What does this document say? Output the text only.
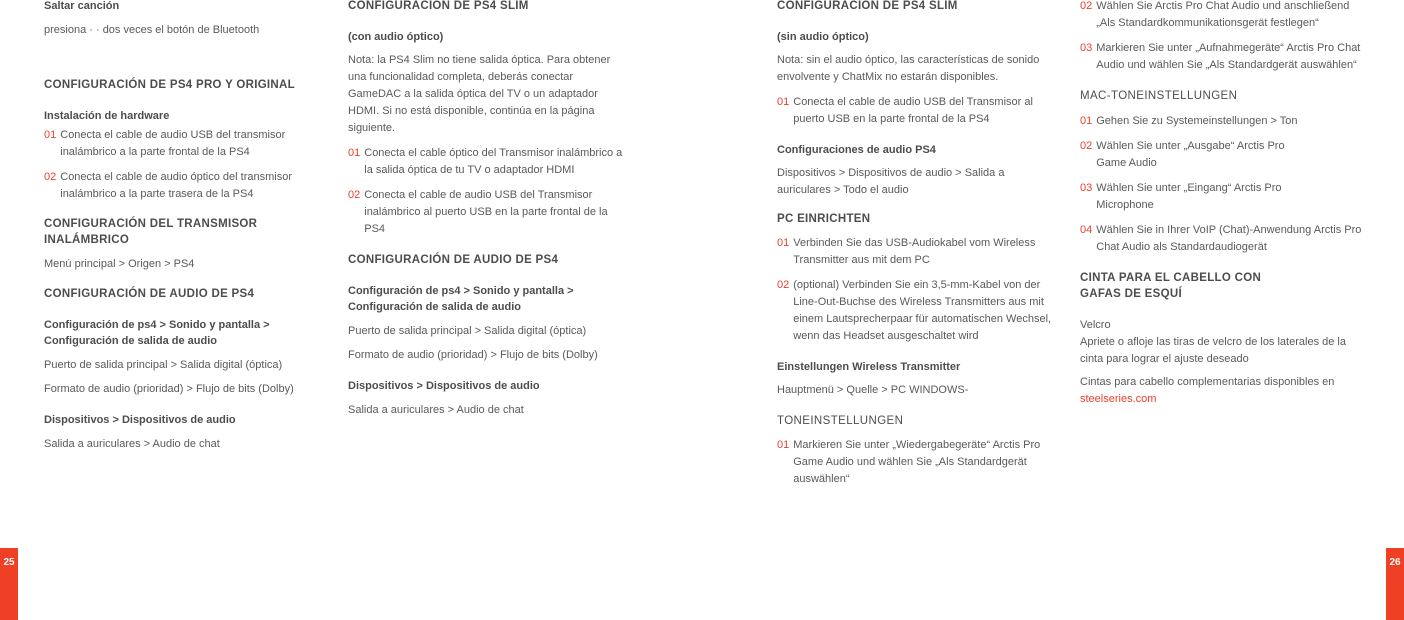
Saltar canción

presiona · · dos veces el botón de Bluetooth

CONFIGURACIÓN DE PS4 PRO Y ORIGINAL
Instalación de hardware
01 Conecta el cable de audio USB del transmisor inalámbrico a la parte frontal de la PS4
02 Conecta el cable de audio óptico del transmisor inalámbrico a la parte trasera de la PS4
CONFIGURACIÓN DEL TRANSMISOR INALÁMBRICO

Menú principal > Origen > PS4

CONFIGURACIÓN DE AUDIO DE PS4
Configuración de ps4 > Sonido y pantalla > Configuración de salida de audio

Puerto de salida principal > Salida digital (óptica)

Formato de audio (prioridad) > Flujo de bits (Dolby)

Dispositivos > Dispositivos de audio

Salida a auriculares > Audio de chat

CONFIGURACIÓN DE PS4 SLIM
(con audio óptico)

Nota: la PS4 Slim no tiene salida óptica. Para obtener una funcionalidad completa, deberás conectar GameDAC a la salida óptica del TV o un adaptador HDMI. Si no está disponible, continúa en la página siguiente.

01 Conecta el cable óptico del Transmisor inalámbrico a la salida óptica de tu TV o adaptador HDMI
02 Conecta el cable de audio USB del Transmisor inalámbrico al puerto USB en la parte frontal de la PS4
CONFIGURACIÓN DE AUDIO DE PS4
Configuración de ps4 > Sonido y pantalla > Configuración de salida de audio

Puerto de salida principal > Salida digital (óptica)

Formato de audio (prioridad) > Flujo de bits (Dolby)

Dispositivos > Dispositivos de audio

Salida a auriculares > Audio de chat

CONFIGURACIÓN DE PS4 SLIM
(sin audio óptico)

Nota: sin el audio óptico, las características de sonido envolvente y ChatMix no estarán disponibles.

01 Conecta el cable de audio USB del Transmisor al puerto USB en la parte frontal de la PS4
Configuraciones de audio PS4

Dispositivos > Dispositivos de audio > Salida a auriculares > Todo el audio

PC EINRICHTEN
01 Verbinden Sie das USB-Audiokabel vom Wireless Transmitter aus mit dem PC
02 (optional) Verbinden Sie ein 3,5-mm-Kabel von der Line-Out-Buchse des Wireless Transmitters aus mit einem Lautsprecherpaar für automatischen Wechsel, wenn das Headset ausgeschaltet wird
Einstellungen Wireless Transmitter

Hauptmenü > Quelle > PC WINDOWS-

TONEINSTELLUNGEN
01 Markieren Sie unter „Wiedergabegeräte“ Arctis Pro Game Audio und wählen Sie „Als Standardgerät auswählen“
02 Wählen Sie Arctis Pro Chat Audio und anschließend „Als Standardkommunikationsgerät festlegen“
03 Markieren Sie unter „Aufnahmegeräte“ Arctis Pro Chat Audio und wählen Sie „Als Standardgerät auswählen“
MAC-TONEINSTELLUNGEN
01 Gehen Sie zu Systemeinstellungen > Ton
02 Wählen Sie unter „Ausgabe“ Arctis Pro Game Audio
03 Wählen Sie unter „Eingang“ Arctis Pro Microphone
04 Wählen Sie in Ihrer VoIP (Chat)-Anwendung Arctis Pro Chat Audio als Standardaudiogerät
CINTA PARA EL CABELLO CON GAFAS DE ESQUÍ

Velcro

Apriete o afloje las tiras de velcro de los laterales de la cinta para lograr el ajuste deseado

Cintas para cabello complementarias disponibles en steelseries.com

25	26
